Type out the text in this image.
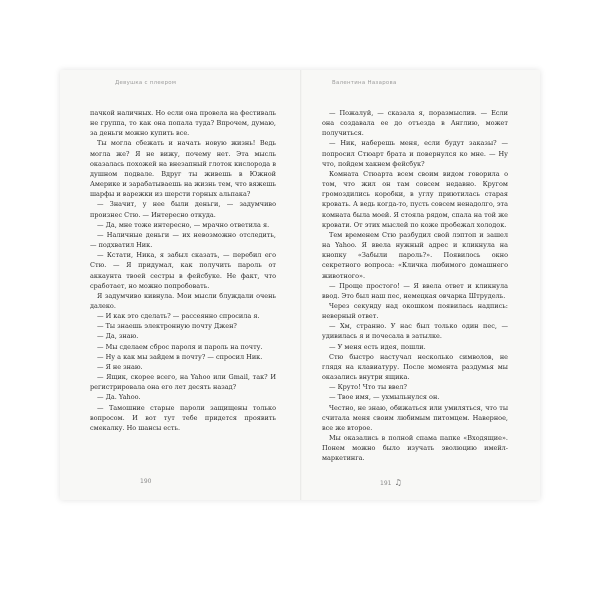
Девушка с плеером

пачкой наличных. Но если она провела на фестиваль не группа, то как она попала туда? Впрочем, думаю, за деньги можно купить все.

Ты могла сбежать и начать новую жизнь! Ведь могла же? Я не вижу, почему нет. Эта мысль оказалась похожей на внезапный глоток кислорода в душном подвале. Вдруг ты живешь в Южной Америке и зарабатываешь на жизнь тем, что вяжешь шарфы и варежки из шерсти горных альпака?

— Значит, у нее были деньги, — задумчиво произнес Стю. — Интересно откуда.

— Да, мне тоже интересно, — мрачно ответила я.

— Наличные деньги — их невозможно отследить, — подхватил Ник.

— Кстати, Ника, я забыл сказать, — перебил его Стю. — Я придумал, как получить пароль от аккаунта твоей сестры в фейсбуке. Не факт, что сработает, но можно попробовать.

Я задумчиво кивнула. Мои мысли блуждали очень далеко.

— И как это сделать? — рассеянно спросила я.

— Ты знаешь электронную почту Джен?

— Да, знаю.

— Мы сделаем сброс пароля и пароль на почту.

— Ну а как мы зайдем в почту? — спросил Ник.

— Я не знаю.

— Ящик, скорее всего, на Yahoo или Gmail, так? И регистрировала она его лет десять назад?

— Да. Yahoo.

— Тамошние старые пароли защищены только вопросом. И вот тут тебе придется проявить смекалку. Но шансы есть.

190
Валентина Назарова

— Пожалуй, — сказала я, поразмыслив. — Если она создавала ее до отъезда в Англию, может получиться.

— Ник, наберешь меня, если будут заказы? — попросил Стюарт брата и повернулся ко мне. — Ну что, пойдем хакнем фейсбук?

Комната Стюарта всем своим видом говорила о том, что жил он там совсем недавно. Кругом громоздились коробки, в углу приютилась старая кровать. А ведь когда-то, пусть совсем ненадолго, эта комната была моей. Я стояла рядом, спала на той же кровати. От этих мыслей по коже пробежал холодок.

Тем временем Стю разбудил свой лэптоп и зашел на Yahoo. Я ввела нужный адрес и кликнула на кнопку «Забыли пароль?». Появилось окно секретного вопроса: «Кличка любимого домашнего животного».

— Проще простого! — Я ввела ответ и кликнула ввод. Это был наш пес, немецкая овчарка Штрудель.

Через секунду над окошком появилась надпись: неверный ответ.

— Хм, странно. У нас был только один пес, — удивилась я и почесала в затылке.

— У меня есть идея, пошли.

Стю быстро настучал несколько символов, не глядя на клавиатуру. После момента раздумья мы оказались внутри ящика.

— Круто! Что ты ввел?

— Твое имя, — ухмыльнулся он.

Честно, не знаю, обижаться или умиляться, что ты считала меня своим любимым питомцем. Наверное, все же второе.

Мы оказались в полной спама папке «Входящие». Понем можно было изучать эволюцию имейл-маркетинга.

191 ♫
